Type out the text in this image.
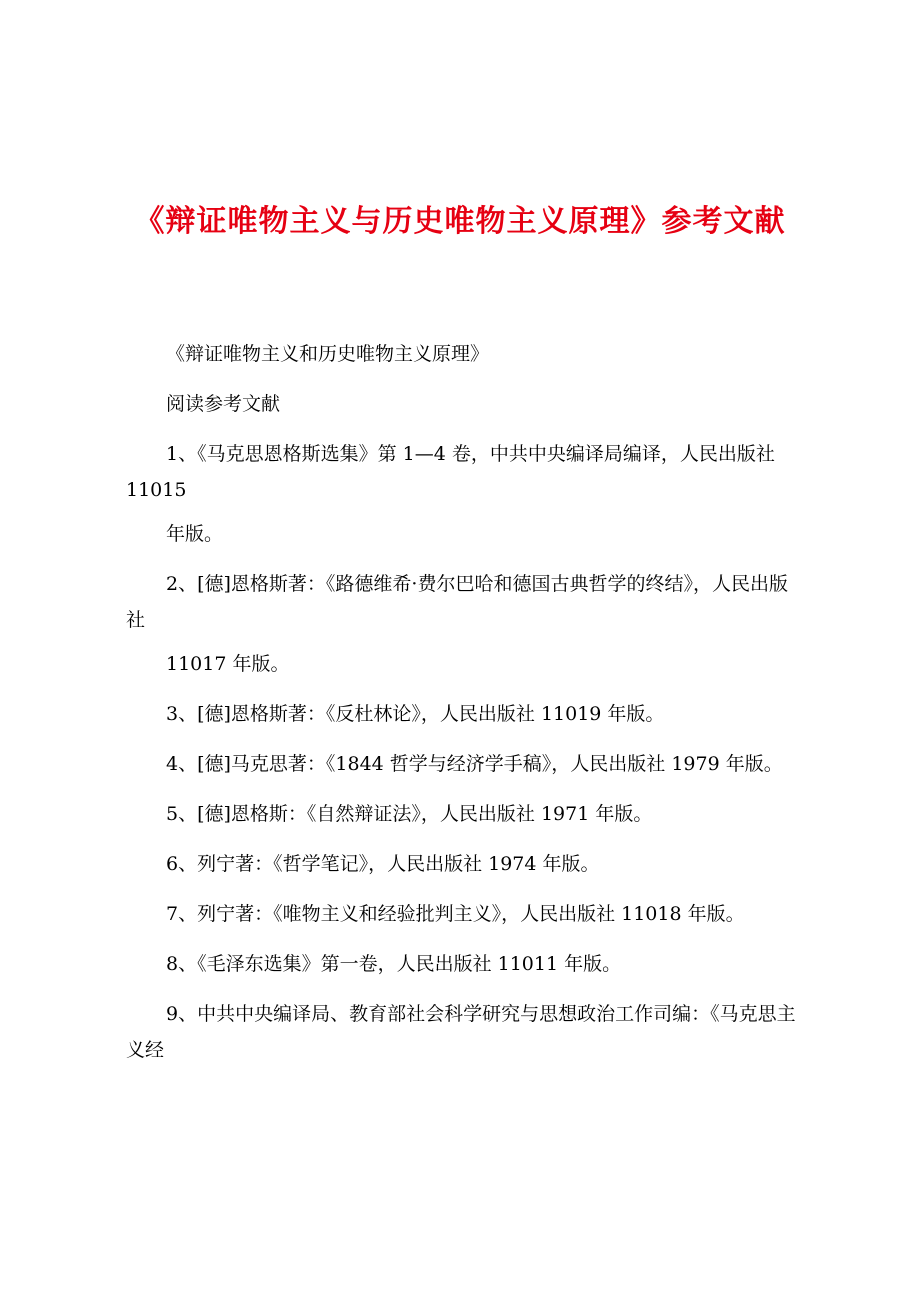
《辩证唯物主义与历史唯物主义原理》参考文献

《辩证唯物主义和历史唯物主义原理》

阅读参考文献

1、《马克思恩格斯选集》第 1—4 卷，中共中央编译局编译，人民出版社 11015

年版。

2、[德]恩格斯著：《路德维希·费尔巴哈和德国古典哲学的终结》，人民出版社

11017 年版。

3、[德]恩格斯著：《反杜林论》，人民出版社 11019 年版。

4、[德]马克思著：《1844 哲学与经济学手稿》，人民出版社 1979 年版。

5、[德]恩格斯：《自然辩证法》，人民出版社 1971 年版。

6、列宁著：《哲学笔记》，人民出版社 1974 年版。

7、列宁著：《唯物主义和经验批判主义》，人民出版社 11018 年版。

8、《毛泽东选集》第一卷，人民出版社 11011 年版。

9、中共中央编译局、教育部社会科学研究与思想政治工作司编：《马克思主义经
